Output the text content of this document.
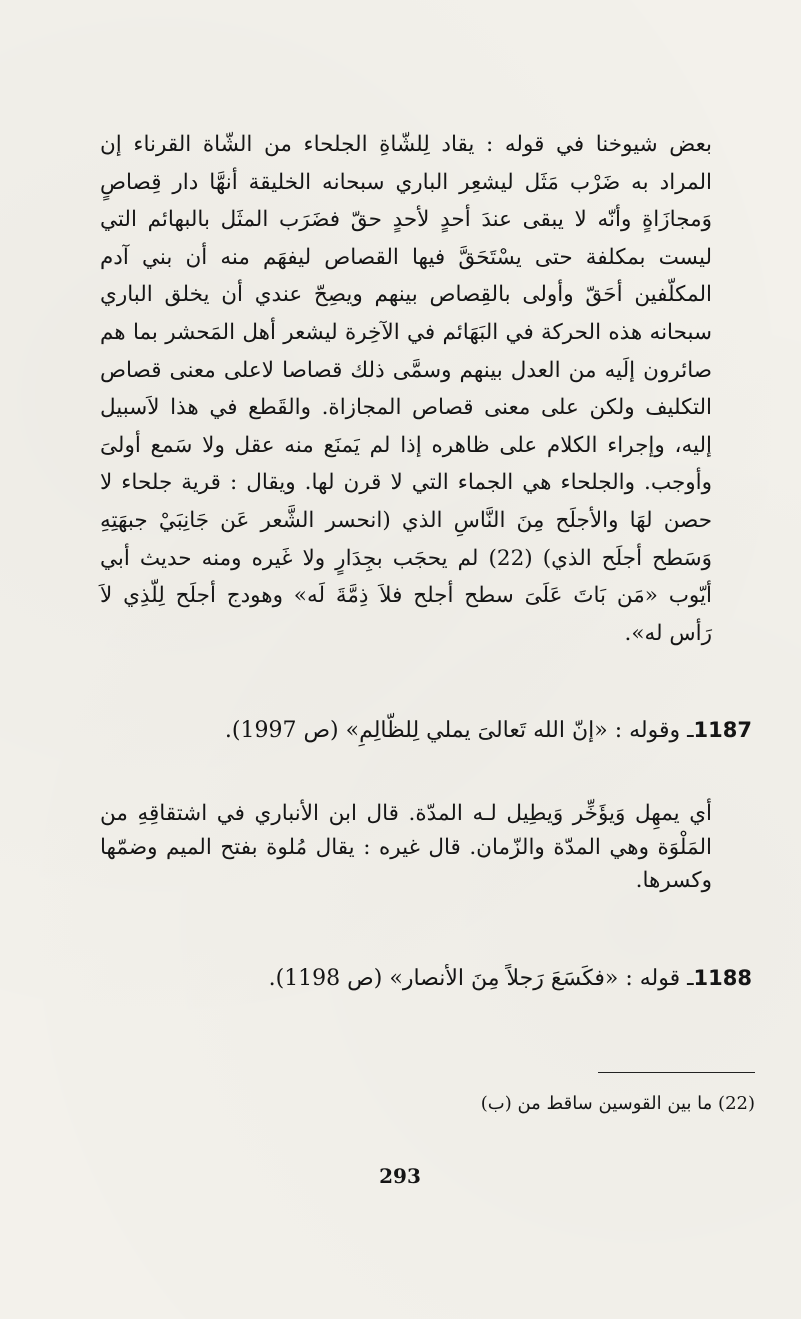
بعض شيوخنا في قوله : يقاد لِلشّاةِ الجلحاء من الشّاة القرناء إن المراد به ضَرْب مَثَل ليشعِر الباري سبحانه الخليقة أنهَّا دار قِصاصٍ وَمجازَاةٍ وأنّه لا يبقى عندَ أحدٍ لأحدٍ حقّ فضَرَب المثَل بالبهائم التي ليست بمكلفة حتى يسْتَحَقَّ فيها القصاص ليفهَم منه أن بني آدم المكلّفين أحَقّ وأولى بالقِصاص بينهم ويصِحّ عندي أن يخلق الباري سبحانه هذه الحركة في البَهَائم في الآخِرة ليشعر أهل المَحشر بما هم صائرون إلَيه من العدل بينهم وسمَّى ذلك قصاصا لاعلى معنى قصاص التكليف ولكن على معنى قصاص المجازاة. والقَطع في هذا لاَسبيل إليه، وإجراء الكلام على ظاهره إذا لم يَمنَع منه عقل ولا سَمع أولىَ وأوجب. والجلحاء هي الجماء التي لا قرن لها. ويقال : قرية جلحاء لا حصن لهَا والأجلَح مِنَ النَّاسِ الذي (انحسر الشَّعر عَن جَانِبَيْ جبهَتِهِ وَسَطح أجلَح الذي) (22) لم يحجَب بجِدَارٍ ولا غَيره ومنه حديث أبي أيّوب «مَن بَاتَ عَلَىَ سطح أجلح فلاَ ذِمَّةَ لَه» وهودج أجلَح لِلّذِي لاَ رَأس له».

1187ـ وقوله : «إنّ الله تَعالىَ يملي لِلظّالِمِ» (ص 1997).

أي يمهِل وَيؤَخِّر وَيطِيل لـه المدّة. قال ابن الأنباري في اشتقاقِهِ من المَلْوَة وهي المدّة والزّمان. قال غيره : يقال مُلوة بفتح الميم وضمّها وكسرها.

1188ـ قوله : «فكَسَعَ رَجلاً مِنَ الأنصار» (ص 1198).

(22) ما بين القوسين ساقط من (ب)

293
